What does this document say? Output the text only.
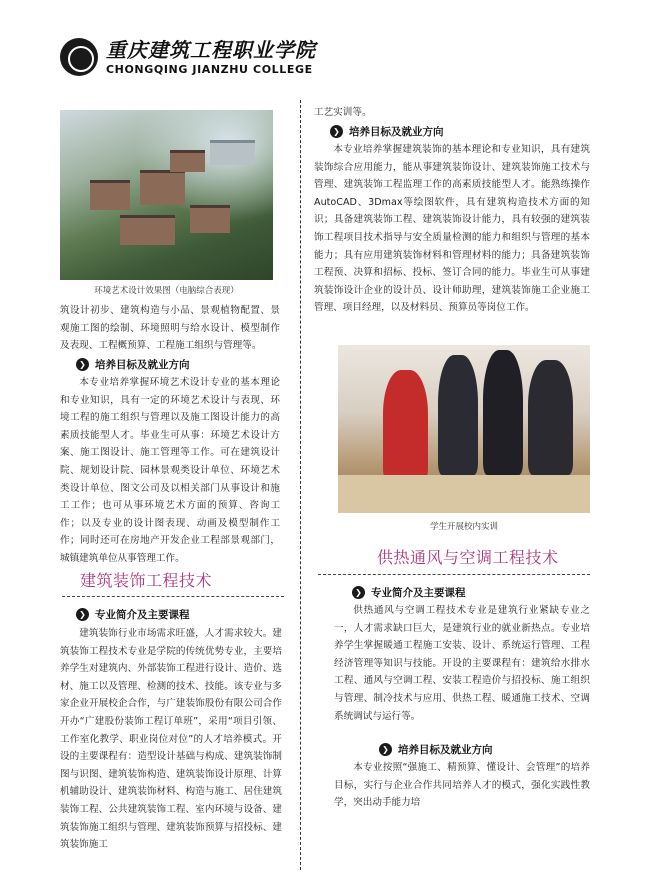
重庆建筑工程职业学院
CHONGQING JIANZHU COLLEGE
环境艺术设计效果图（电脑综合表现）
筑设计初步、建筑构造与小品、景观植物配置、景观施工图的绘制、环境照明与给水设计、模型制作及表现、工程概预算、工程施工组织与管理等。
❯ 培养目标及就业方向
本专业培养掌握环境艺术设计专业的基本理论和专业知识，具有一定的环境艺术设计与表现、环境工程的施工组织与管理以及施工图设计能力的高素质技能型人才。毕业生可从事：环境艺术设计方案、施工图设计、施工管理等工作。可在建筑设计院、规划设计院、园林景观类设计单位、环境艺术类设计单位、图文公司及以相关部门从事设计和施工工作；也可从事环境艺术方面的预算、咨询工作；以及专业的设计图表现、动画及模型制作工作；同时还可在房地产开发企业工程部景观部门，城镇建筑单位从事管理工作。
建筑装饰工程技术
❯ 专业简介及主要课程
建筑装饰行业市场需求旺盛，人才需求较大。建筑装饰工程技术专业是学院的传统优势专业，主要培养学生对建筑内、外部装饰工程进行设计、造价、选材、施工以及管理、检测的技术、技能。该专业与多家企业开展校企合作，与广建装饰股份有限公司合作开办“广建股份装饰工程订单班”，采用“项目引领、工作室化教学、职业岗位对位”的人才培养模式。开设的主要课程有：造型设计基础与构成、建筑装饰制图与识图、建筑装饰构造、建筑装饰设计原理、计算机辅助设计、建筑装饰材料、构造与施工、居住建筑装饰工程、公共建筑装饰工程、室内环境与设备、建筑装饰施工组织与管理、建筑装饰预算与招投标、建筑装饰施工
工艺实训等。
❯ 培养目标及就业方向
本专业培养掌握建筑装饰的基本理论和专业知识，具有建筑装饰综合应用能力，能从事建筑装饰设计、建筑装饰施工技术与管理、建筑装饰工程监理工作的高素质技能型人才。能熟练操作AutoCAD、3Dmax等绘图软件，具有建筑构造技术方面的知识；具备建筑装饰工程、建筑装饰设计能力，具有较强的建筑装饰工程项目技术指导与安全质量检测的能力和组织与管理的基本能力；具有应用建筑装饰材料和管理材料的能力；具备建筑装饰工程预、决算和招标、投标、签订合同的能力。毕业生可从事建筑装饰设计企业的设计员、设计师助理，建筑装饰施工企业施工管理、项目经理，以及材料员、预算员等岗位工作。
学生开展校内实训
供热通风与空调工程技术
❯ 专业简介及主要课程
供热通风与空调工程技术专业是建筑行业紧缺专业之一，人才需求缺口巨大，是建筑行业的就业新热点。专业培养学生掌握暖通工程施工安装、设计、系统运行管理、工程经济管理等知识与技能。开设的主要课程有：建筑给水排水工程、通风与空调工程、安装工程造价与招投标、施工组织与管理、制冷技术与应用、供热工程、暖通施工技术、空调系统调试与运行等。
❯ 培养目标及就业方向
本专业按照“强施工、精预算、懂设计、会管理”的培养目标，实行与企业合作共同培养人才的模式，强化实践性教学，突出动手能力培
